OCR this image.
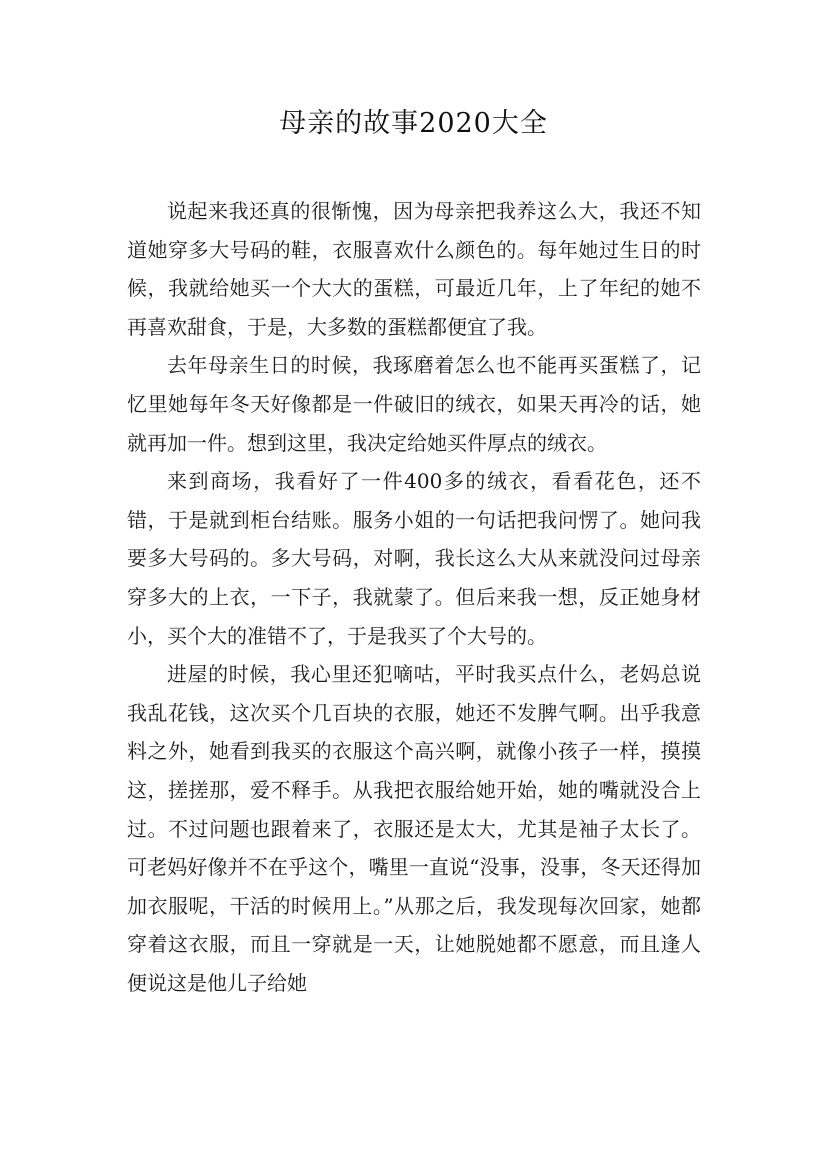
母亲的故事2020大全

说起来我还真的很惭愧，因为母亲把我养这么大，我还不知道她穿多大号码的鞋，衣服喜欢什么颜色的。每年她过生日的时候，我就给她买一个大大的蛋糕，可最近几年，上了年纪的她不再喜欢甜食，于是，大多数的蛋糕都便宜了我。

去年母亲生日的时候，我琢磨着怎么也不能再买蛋糕了，记忆里她每年冬天好像都是一件破旧的绒衣，如果天再冷的话，她就再加一件。想到这里，我决定给她买件厚点的绒衣。

来到商场，我看好了一件400多的绒衣，看看花色，还不错，于是就到柜台结账。服务小姐的一句话把我问愣了。她问我要多大号码的。多大号码，对啊，我长这么大从来就没问过母亲穿多大的上衣，一下子，我就蒙了。但后来我一想，反正她身材小，买个大的准错不了，于是我买了个大号的。

进屋的时候，我心里还犯嘀咕，平时我买点什么，老妈总说我乱花钱，这次买个几百块的衣服，她还不发脾气啊。出乎我意料之外，她看到我买的衣服这个高兴啊，就像小孩子一样，摸摸这，搓搓那，爱不释手。从我把衣服给她开始，她的嘴就没合上过。不过问题也跟着来了，衣服还是太大，尤其是袖子太长了。可老妈好像并不在乎这个，嘴里一直说“没事，没事，冬天还得加加衣服呢，干活的时候用上。”从那之后，我发现每次回家，她都穿着这衣服，而且一穿就是一天，让她脱她都不愿意，而且逢人便说这是他儿子给她
